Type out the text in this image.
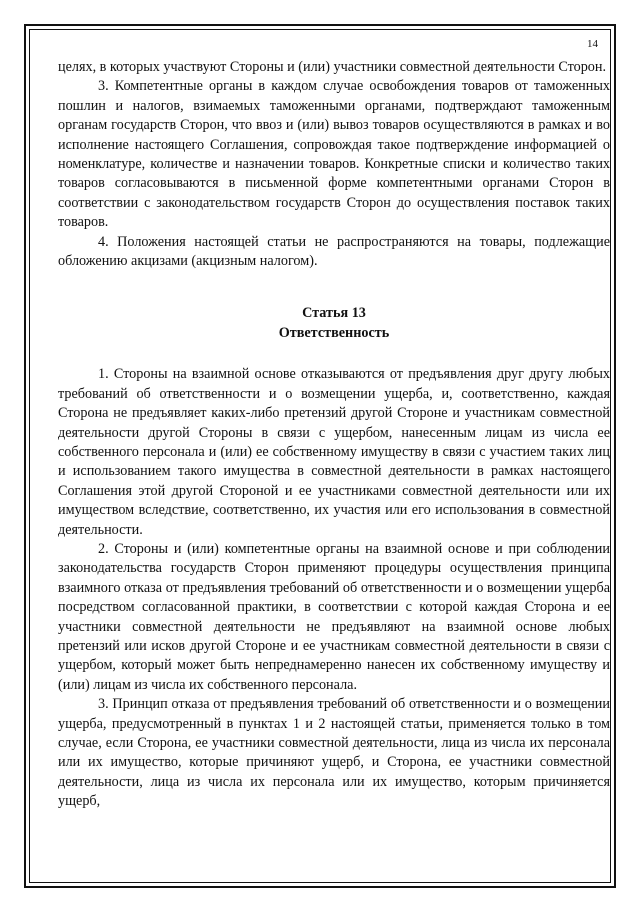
14

целях, в которых участвуют Стороны и (или) участники совместной деятельности Сторон.

3. Компетентные органы в каждом случае освобождения товаров от таможенных пошлин и налогов, взимаемых таможенными органами, подтверждают таможенным органам государств Сторон, что ввоз и (или) вывоз товаров осуществляются в рамках и во исполнение настоящего Соглашения, сопровождая такое подтверждение информацией о номенклатуре, количестве и назначении товаров. Конкретные списки и количество таких товаров согласовываются в письменной форме компетентными органами Сторон в соответствии с законодательством государств Сторон до осуществления поставок таких товаров.

4. Положения настоящей статьи не распространяются на товары, подлежащие обложению акцизами (акцизным налогом).

Статья 13

Ответственность

1. Стороны на взаимной основе отказываются от предъявления друг другу любых требований об ответственности и о возмещении ущерба, и, соответственно, каждая Сторона не предъявляет каких-либо претензий другой Стороне и участникам совместной деятельности другой Стороны в связи с ущербом, нанесенным лицам из числа ее собственного персонала и (или) ее собственному имуществу в связи с участием таких лиц и использованием такого имущества в совместной деятельности в рамках настоящего Соглашения этой другой Стороной и ее участниками совместной деятельности или их имуществом вследствие, соответственно, их участия или его использования в совместной деятельности.

2. Стороны и (или) компетентные органы на взаимной основе и при соблюдении законодательства государств Сторон применяют процедуры осуществления принципа взаимного отказа от предъявления требований об ответственности и о возмещении ущерба посредством согласованной практики, в соответствии с которой каждая Сторона и ее участники совместной деятельности не предъявляют на взаимной основе любых претензий или исков другой Стороне и ее участникам совместной деятельности в связи с ущербом, который может быть непреднамеренно нанесен их собственному имуществу и (или) лицам из числа их собственного персонала.

3. Принцип отказа от предъявления требований об ответственности и о возмещении ущерба, предусмотренный в пунктах 1 и 2 настоящей статьи, применяется только в том случае, если Сторона, ее участники совместной деятельности, лица из числа их персонала или их имущество, которые причиняют ущерб, и Сторона, ее участники совместной деятельности, лица из числа их персонала или их имущество, которым причиняется ущерб,
